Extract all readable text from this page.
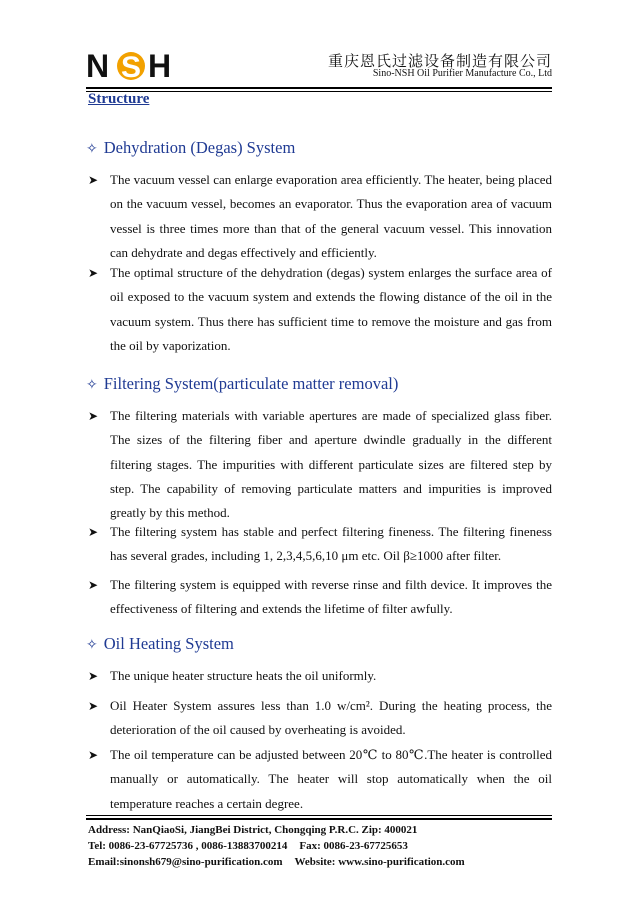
N S H	重庆恩氏过滤设备制造有限公司
Sino-NSH Oil Purifier Manufacture Co., Ltd
Structure
✧ Dehydration (Degas) System
➤ The vacuum vessel can enlarge evaporation area efficiently. The heater, being placed on the vacuum vessel, becomes an evaporator. Thus the evaporation area of vacuum vessel is three times more than that of the general vacuum vessel. This innovation can dehydrate and degas effectively and efficiently.
➤ The optimal structure of the dehydration (degas) system enlarges the surface area of oil exposed to the vacuum system and extends the flowing distance of the oil in the vacuum system. Thus there has sufficient time to remove the moisture and gas from the oil by vaporization.
✧ Filtering System(particulate matter removal)
➤ The filtering materials with variable apertures are made of specialized glass fiber. The sizes of the filtering fiber and aperture dwindle gradually in the different filtering stages. The impurities with different particulate sizes are filtered step by step. The capability of removing particulate matters and impurities is improved greatly by this method.
➤ The filtering system has stable and perfect filtering fineness. The filtering fineness has several grades, including 1, 2,3,4,5,6,10 μm etc. Oil β≥1000 after filter.
➤ The filtering system is equipped with reverse rinse and filth device. It improves the effectiveness of filtering and extends the lifetime of filter awfully.
✧ Oil Heating System
➤ The unique heater structure heats the oil uniformly.
➤ Oil Heater System assures less than 1.0 w/cm². During the heating process, the deterioration of the oil caused by overheating is avoided.
➤ The oil temperature can be adjusted between 20℃ to 80℃.The heater is controlled manually or automatically. The heater will stop automatically when the oil temperature reaches a certain degree.
Address: NanQiaoSi, JiangBei District, Chongqing P.R.C. Zip: 400021
Tel: 0086-23-67725736 , 0086-13883700214 Fax: 0086-23-67725653
Email:sinonsh679@sino-purification.com Website: www.sino-purification.com
